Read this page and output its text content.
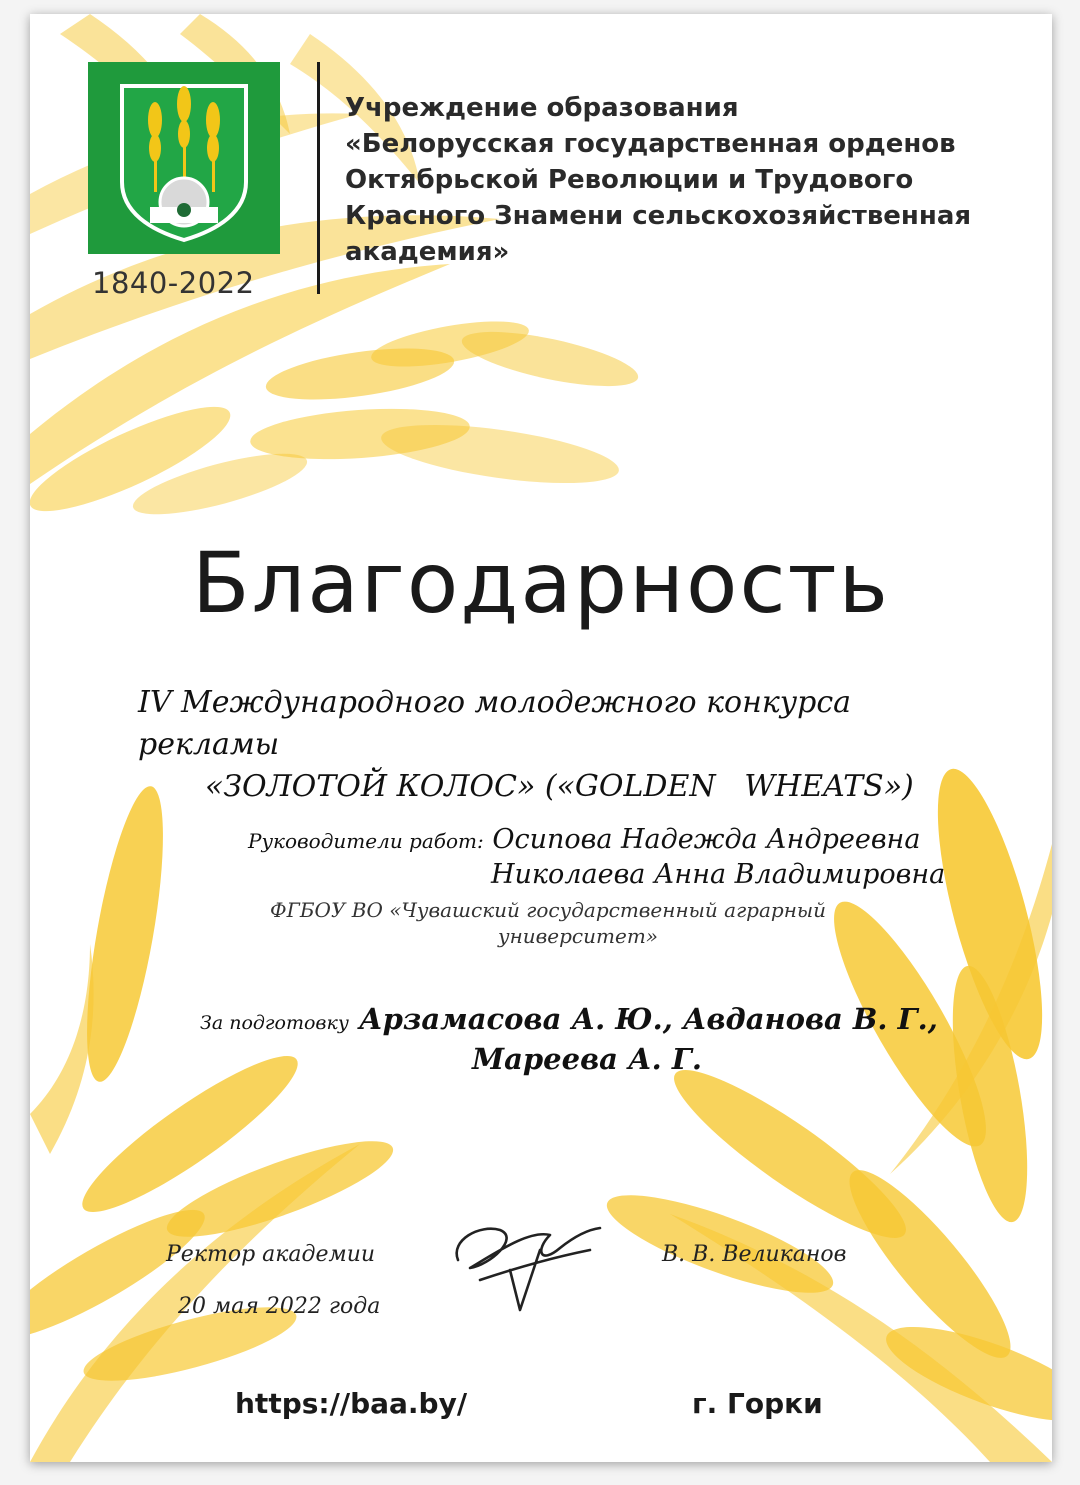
1840-2022
Учреждение образования
«Белорусская государственная орденов
Октябрьской Революции и Трудового
Красного Знамени сельскохозяйственная
академия»
Благодарность
IV Международного молодежного конкурса рекламы
«ЗОЛОТОЙ КОЛОС» («GOLDEN   WHEATS»)
Руководители работ: Осипова Надежда Андреевна
Николаева Анна Владимировна
ФГБОУ ВО «Чувашский государственный аграрный
университет»
За подготовку Арзамасова А. Ю., Авданова В. Г.,
Мареева А. Г.
Ректор академии
20 мая 2022 года
В. В. Великанов
https://baa.by/	г. Горки
